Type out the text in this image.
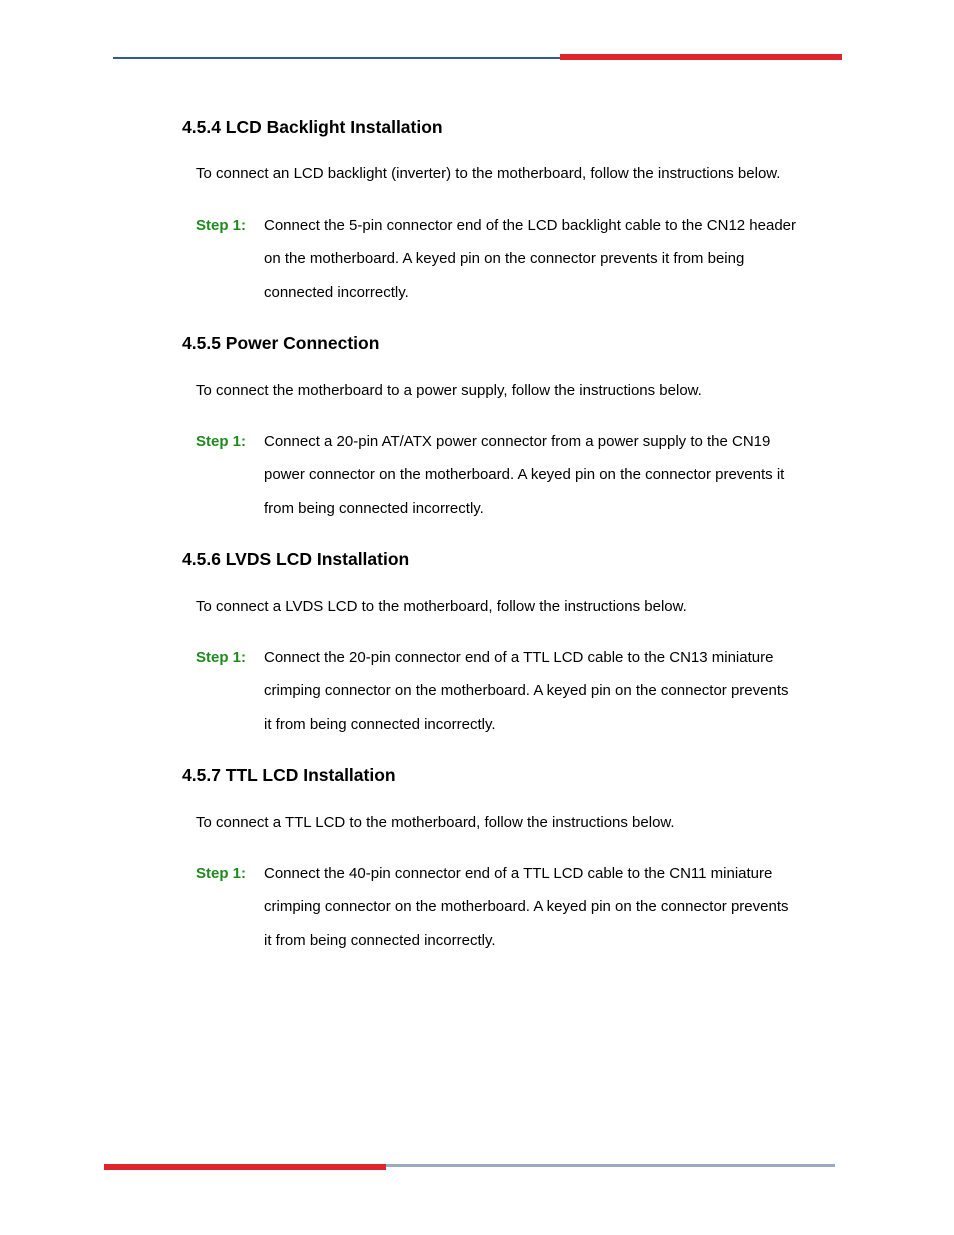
4.5.4 LCD Backlight Installation

To connect an LCD backlight (inverter) to the motherboard, follow the instructions below.

Step 1: Connect the 5-pin connector end of the LCD backlight cable to the CN12 header
on the motherboard. A keyed pin on the connector prevents it from being
connected incorrectly.
4.5.5 Power Connection

To connect the motherboard to a power supply, follow the instructions below.

Step 1: Connect a 20-pin AT/ATX power connector from a power supply to the CN19
power connector on the motherboard. A keyed pin on the connector prevents it
from being connected incorrectly.
4.5.6 LVDS LCD Installation

To connect a LVDS LCD to the motherboard, follow the instructions below.

Step 1: Connect the 20-pin connector end of a TTL LCD cable to the CN13 miniature
crimping connector on the motherboard. A keyed pin on the connector prevents
it from being connected incorrectly.
4.5.7 TTL LCD Installation

To connect a TTL LCD to the motherboard, follow the instructions below.

Step 1: Connect the 40-pin connector end of a TTL LCD cable to the CN11 miniature
crimping connector on the motherboard. A keyed pin on the connector prevents
it from being connected incorrectly.
